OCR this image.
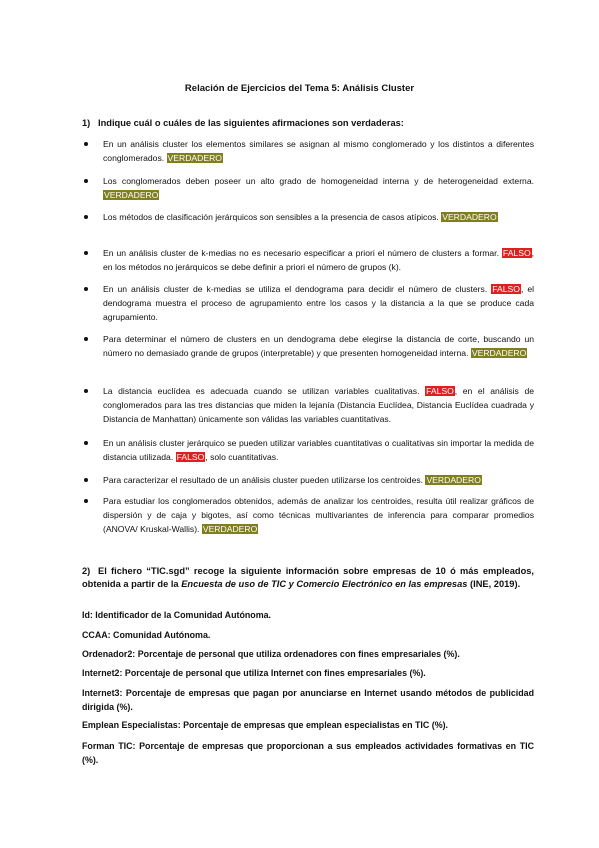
Relación de Ejercicios del Tema 5: Análisis Cluster
1) Indique cuál o cuáles de las siguientes afirmaciones son verdaderas:
En un análisis cluster los elementos similares se asignan al mismo conglomerado y los distintos a diferentes conglomerados. VERDADERO
Los conglomerados deben poseer un alto grado de homogeneidad interna y de heterogeneidad externa. VERDADERO
Los métodos de clasificación jerárquicos son sensibles a la presencia de casos atípicos. VERDADERO
En un análisis cluster de k-medias no es necesario especificar a priori el número de clusters a formar. FALSO, en los métodos no jerárquicos se debe definir a priori el número de grupos (k).
En un análisis cluster de k-medias se utiliza el dendograma para decidir el número de clusters. FALSO, el dendograma muestra el proceso de agrupamiento entre los casos y la distancia a la que se produce cada agrupamiento.
Para determinar el número de clusters en un dendograma debe elegirse la distancia de corte, buscando un número no demasiado grande de grupos (interpretable) y que presenten homogeneidad interna. VERDADERO
La distancia euclídea es adecuada cuando se utilizan variables cualitativas. FALSO, en el análisis de conglomerados para las tres distancias que miden la lejanía (Distancia Euclídea, Distancia Euclídea cuadrada y Distancia de Manhattan) únicamente son válidas las variables cuantitativas.
En un análisis cluster jerárquico se pueden utilizar variables cuantitativas o cualitativas sin importar la medida de distancia utilizada. FALSO, solo cuantitativas.
Para caracterizar el resultado de un análisis cluster pueden utilizarse los centroides. VERDADERO
Para estudiar los conglomerados obtenidos, además de analizar los centroides, resulta útil realizar gráficos de dispersión y de caja y bigotes, así como técnicas multivariantes de inferencia para comparar promedios (ANOVA/ Kruskal-Wallis). VERDADERO
2) El fichero “TIC.sgd” recoge la siguiente información sobre empresas de 10 ó más empleados, obtenida a partir de la Encuesta de uso de TIC y Comercio Electrónico en las empresas (INE, 2019).
Id: Identificador de la Comunidad Autónoma.
CCAA: Comunidad Autónoma.
Ordenador2: Porcentaje de personal que utiliza ordenadores con fines empresariales (%).
Internet2: Porcentaje de personal que utiliza Internet con fines empresariales (%).
Internet3: Porcentaje de empresas que pagan por anunciarse en Internet usando métodos de publicidad dirigida (%).
Emplean Especialistas: Porcentaje de empresas que emplean especialistas en TIC (%).
Forman TIC: Porcentaje de empresas que proporcionan a sus empleados actividades formativas en TIC (%).
